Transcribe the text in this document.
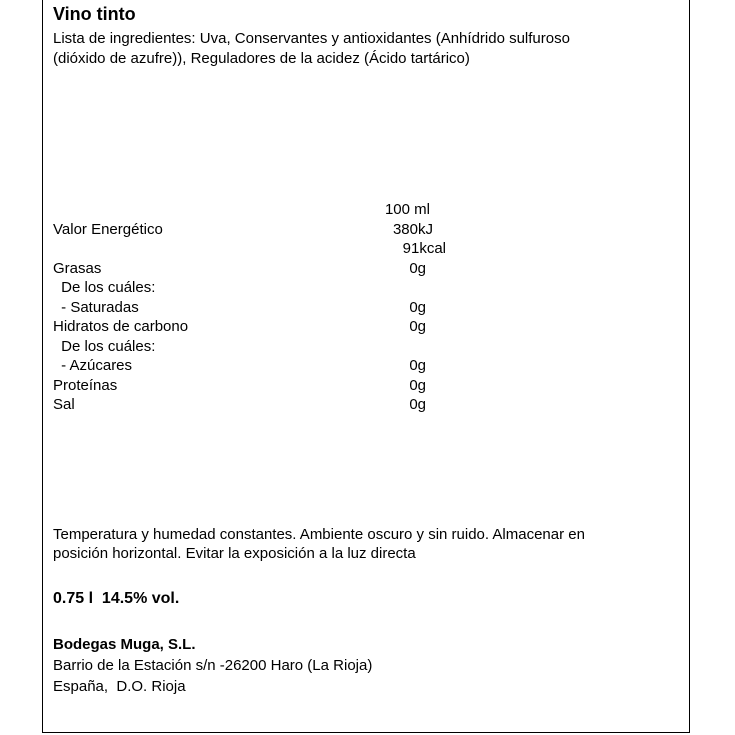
Vino tinto
Lista de ingredientes: Uva, Conservantes y antioxidantes (Anhídrido sulfuroso
(dióxido de azufre)), Reguladores de la acidez (Ácido tartárico)
100 ml
Valor Energético	380kJ
91kcal
Grasas	0g
De los cuáles:
- Saturadas	0g
Hidratos de carbono	0g
De los cuáles:
- Azúcares	0g
Proteínas	0g
Sal	0g
Temperatura y humedad constantes. Ambiente oscuro y sin ruido. Almacenar en
posición horizontal. Evitar la exposición a la luz directa
0.75 l  14.5% vol.
Bodegas Muga, S.L.
Barrio de la Estación s/n -26200 Haro (La Rioja)
España,  D.O. Rioja
